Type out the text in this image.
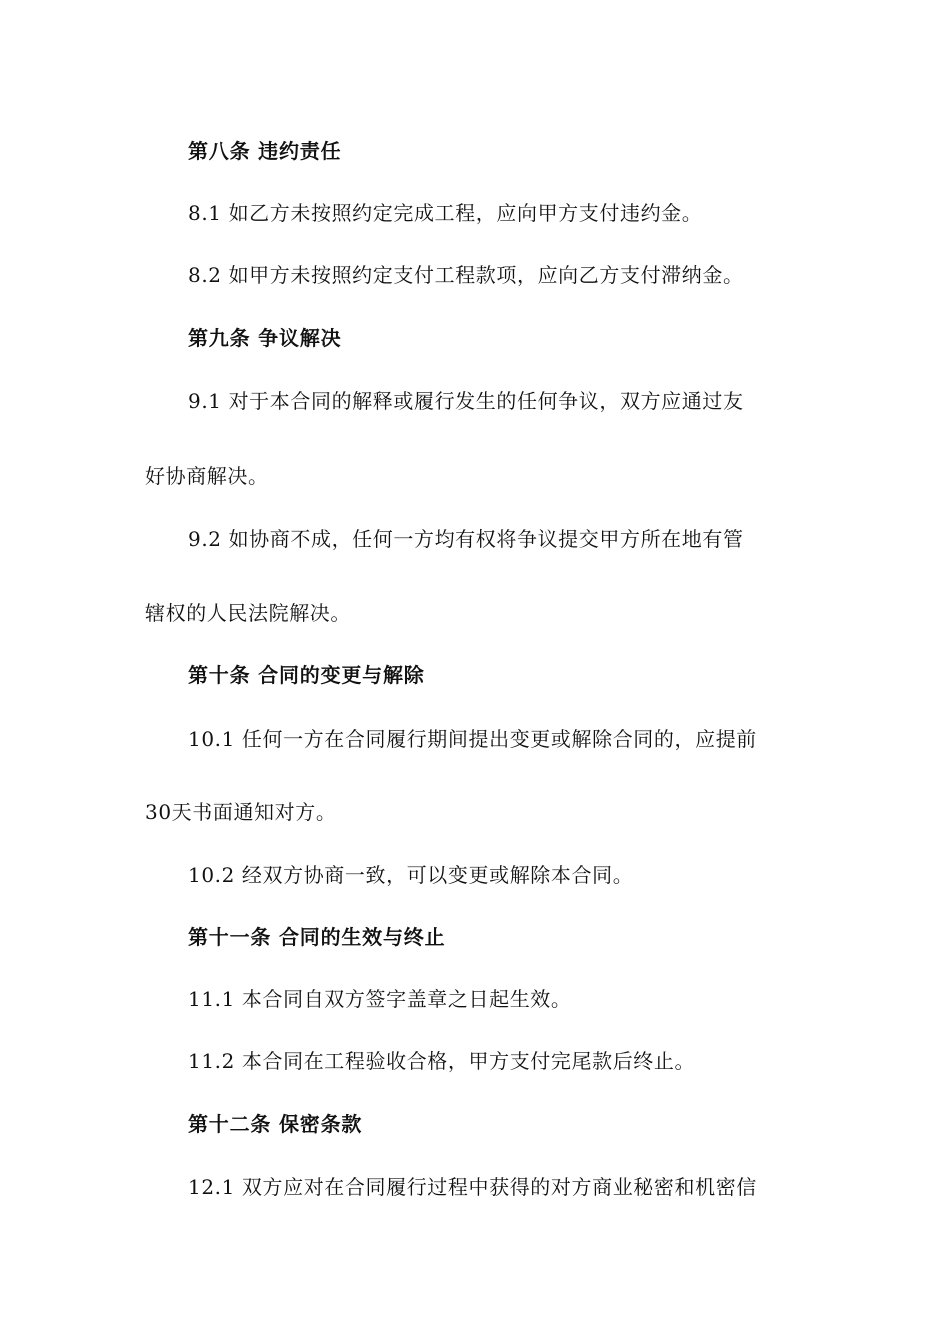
第八条 违约责任
8.1 如乙方未按照约定完成工程，应向甲方支付违约金。
8.2 如甲方未按照约定支付工程款项，应向乙方支付滞纳金。
第九条 争议解决
9.1 对于本合同的解释或履行发生的任何争议，双方应通过友
好协商解决。
9.2 如协商不成，任何一方均有权将争议提交甲方所在地有管
辖权的人民法院解决。
第十条 合同的变更与解除
10.1 任何一方在合同履行期间提出变更或解除合同的，应提前
30天书面通知对方。
10.2 经双方协商一致，可以变更或解除本合同。
第十一条 合同的生效与终止
11.1 本合同自双方签字盖章之日起生效。
11.2 本合同在工程验收合格，甲方支付完尾款后终止。
第十二条 保密条款
12.1 双方应对在合同履行过程中获得的对方商业秘密和机密信
